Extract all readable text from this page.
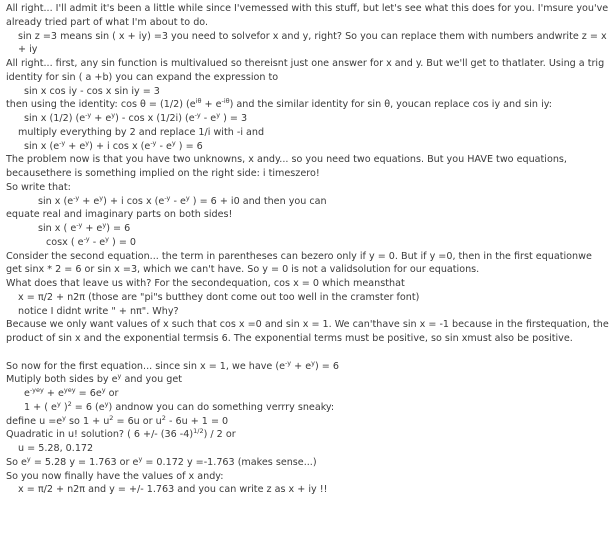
All right... I'll admit it's been a little while since I'vemessed with this stuff, but let's see what this does for you. I'msure you've already tried part of what I'm about to do.
sin z =3 means sin ( x + iy) =3 you need to solvefor x and y, right? So you can replace them with numbers andwrite z = x + iy
All right... first, any sin function is multivalued so thereisnt just one answer for x and y. But we'll get to thatlater. Using a trig identity for sin ( a +b) you can expand the expression to
sin x cos iy - cos x sin iy = 3
then using the identity: cos θ = (1/2) $(e^{i\theta} + e^{-i\theta})$ and the similar identity for sin θ, youcan replace cos iy and sin iy:
sin x (1/2) $(e^{-y} + e^y) - \cos x$ (1/2i) ($e^{-y} - e^y$ ) = 3
multiply everything by 2 and replace 1/i with -i and
sin x $(e^{-y} + e^y) + i$ cos x ($e^{-y} - e^y$ ) = 6
The problem now is that you have two unknowns, x andy... so you need two equations. But you HAVE two equations, becausethere is something implied on the right side: i timeszero!
So write that:
sin x $(e^{-y} + e^y) + i$ cos x ($e^{-y} - e^y$ ) = 6 + i0 and then you can
equate real and imaginary parts on both sides!
sin x ( $e^{-y} + e^y) = 6$
cosx ( $e^{-y} - e^y$ ) = 0
Consider the second equation... the term in parentheses can bezero only if y = 0. But if y =0, then in the first equationwe get sinx * 2 = 6 or sin x =3, which we can't have. So y = 0 is not a validsolution for our equations.
What does that leave us with? For the secondequation, cos x = 0 which meansthat
x = π/2 + n2π (those are "pi"s butthey dont come out too well in the cramster font)
notice I didnt write " + nπ". Why?
Because we only want values of x such that cos x =0 and sin x = 1. We can'thave sin x = -1 because in the firstequation, the product of sin x and the exponential termsis 6. The exponential terms must be positive, so sin xmust also be positive.
So now for the first equation... since sin x = 1, we have $(e^{-y} + e^y) = 6$
Mutiply both sides by $e^y$ and you get
$e^{-yey} + e^{yey} = 6e^y$ or
1 + ( $e^y$ )$^2$ = 6 $(e^y)$ andnow you can do something verrry sneaky:
define $u =e^y$ so $1 + u^2 = 6u$ or $u^2 - 6u + 1 = 0$
Quadratic in u! solution? ( 6 +/- (36 -4)$^{1/2}$) / 2 or
u = 5.28, 0.172
So $e^y = 5.28$ y = 1.763 or $e^y = 0.172$ y =-1.763 (makes sense...)
So you now finally have the values of x andy:
x = π/2 + n2π and y = +/- 1.763 and you can write z as x + iy !!
